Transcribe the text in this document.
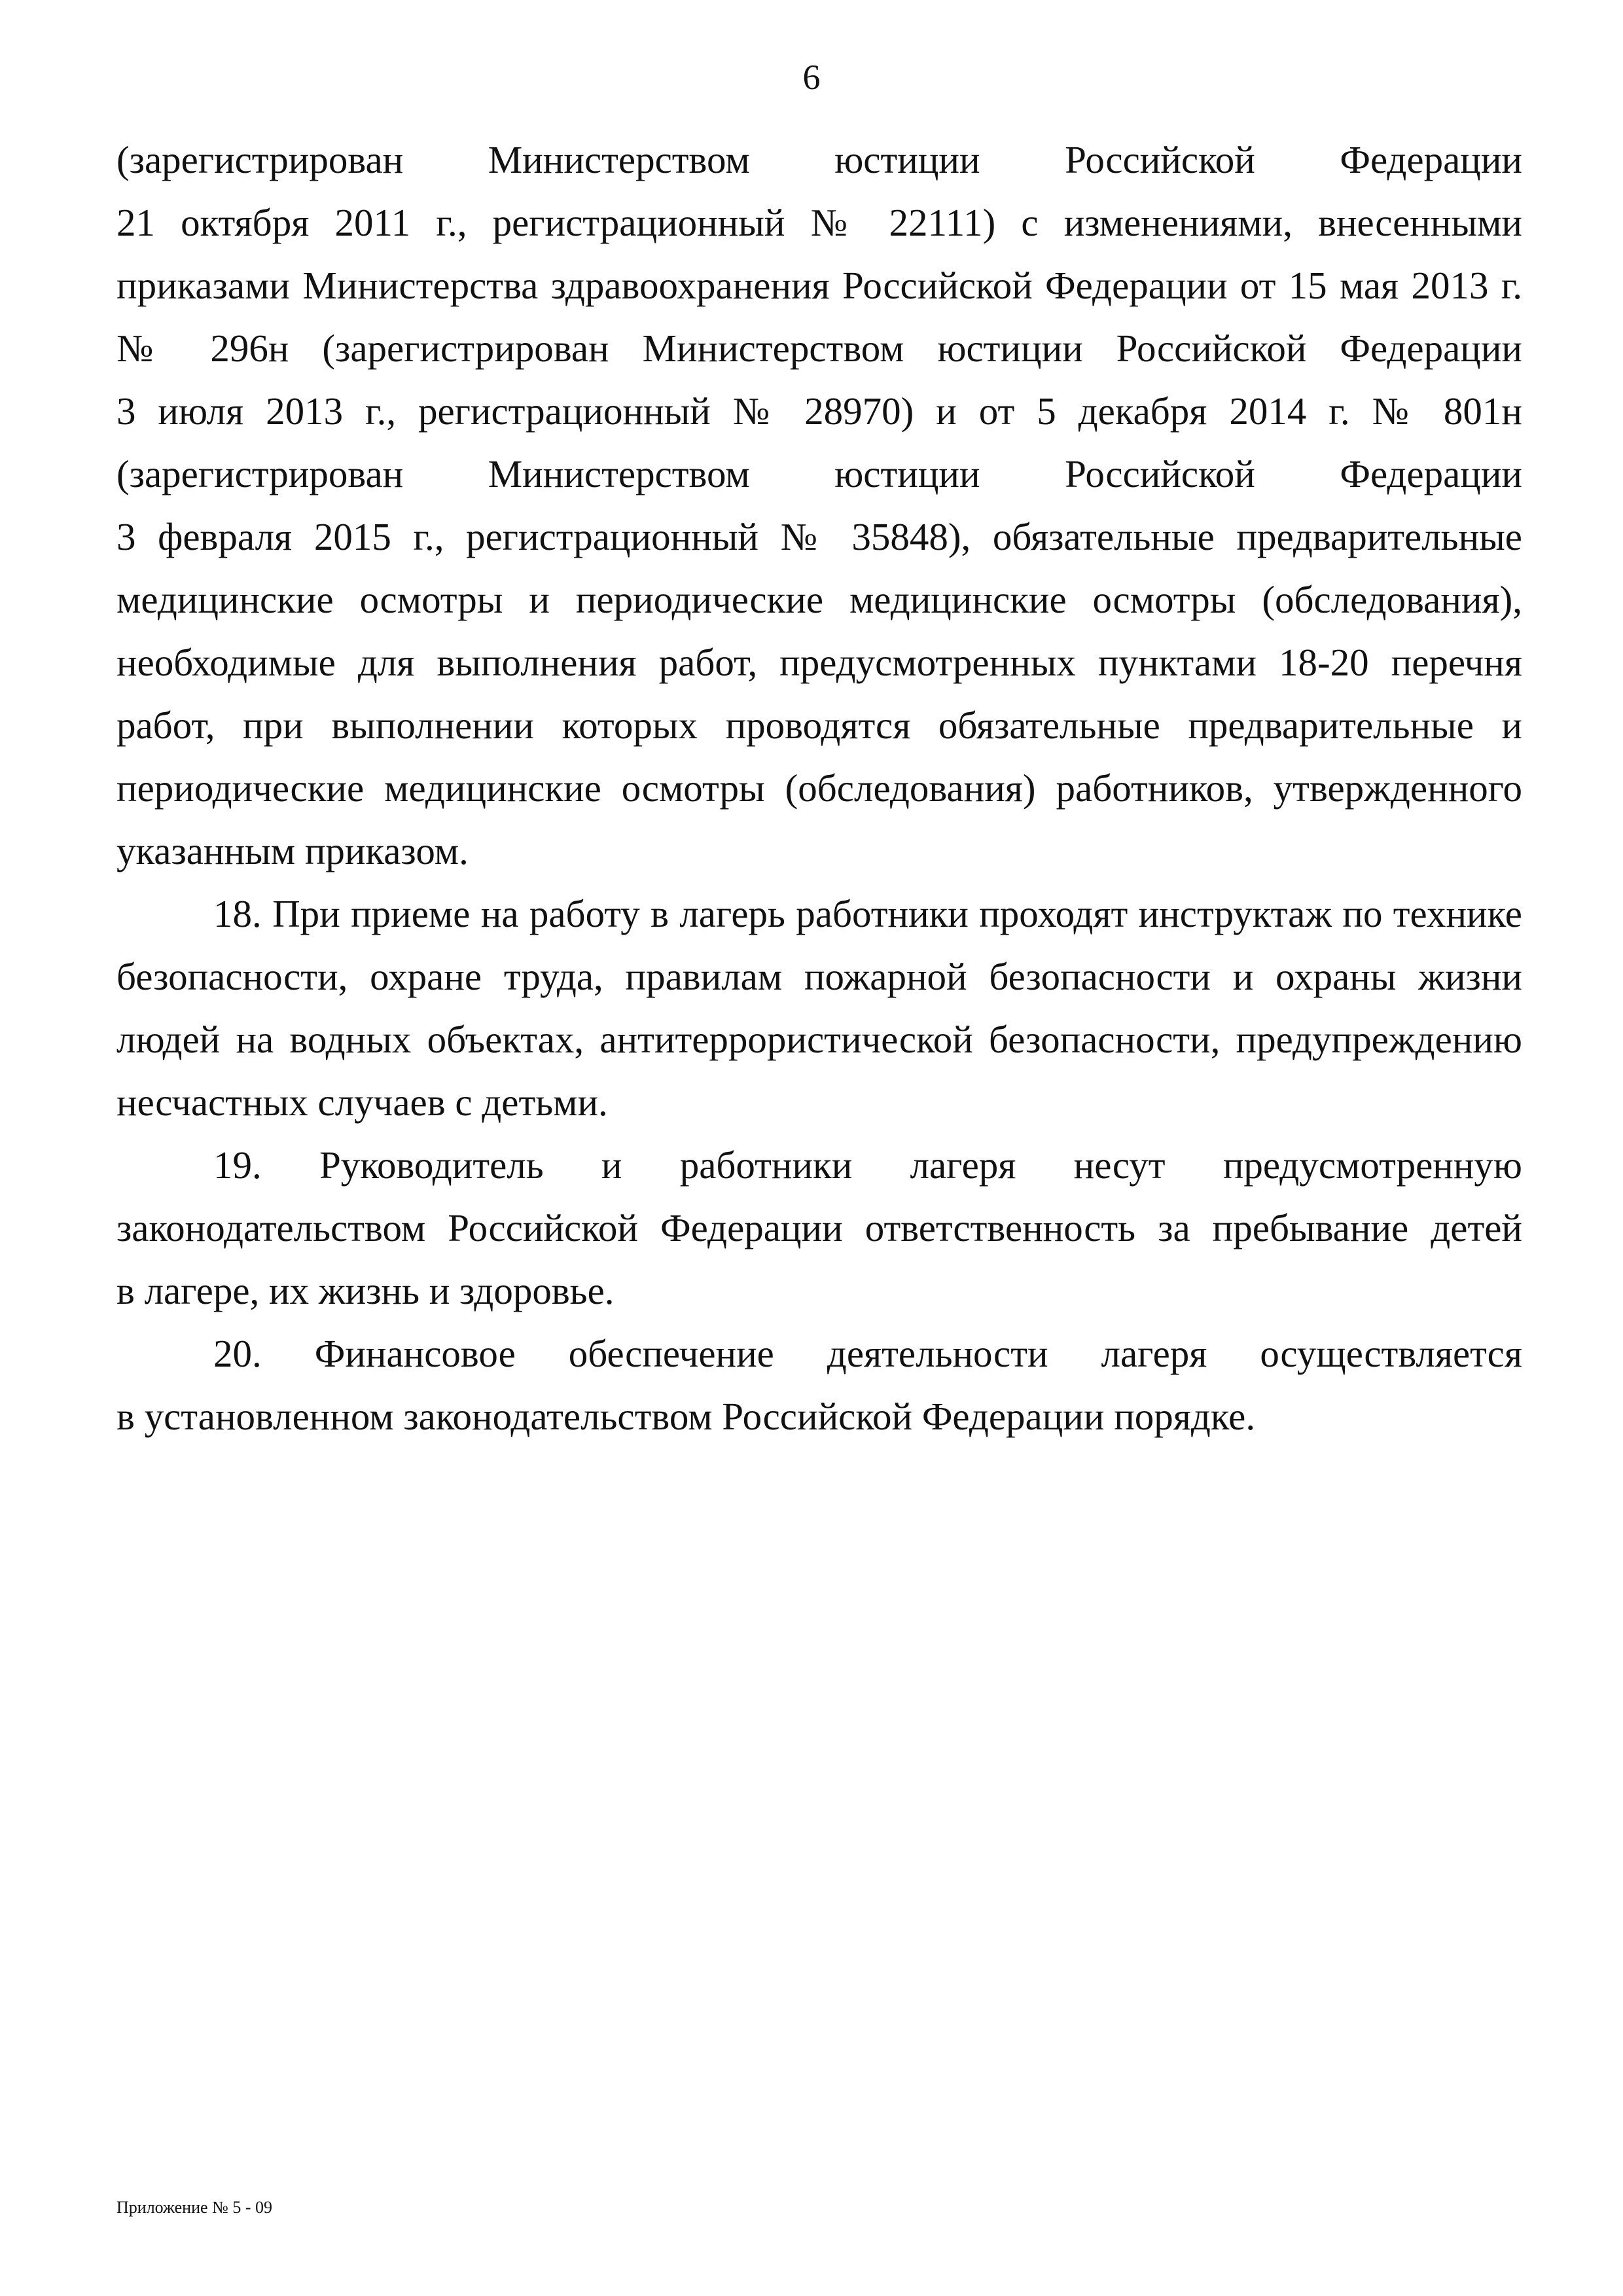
6
(зарегистрирован Министерством юстиции Российской Федерации
21 октября 2011 г., регистрационный № 22111) с изменениями, внесенными
приказами Министерства здравоохранения Российской Федерации от 15 мая 2013 г.
№ 296н (зарегистрирован Министерством юстиции Российской Федерации
3 июля 2013 г., регистрационный № 28970) и от 5 декабря 2014 г. № 801н
(зарегистрирован Министерством юстиции Российской Федерации
3 февраля 2015 г., регистрационный № 35848), обязательные предварительные
медицинские осмотры и периодические медицинские осмотры (обследования),
необходимые для выполнения работ, предусмотренных пунктами 18-20 перечня
работ, при выполнении которых проводятся обязательные предварительные и
периодические медицинские осмотры (обследования) работников, утвержденного
указанным приказом.
18. При приеме на работу в лагерь работники проходят инструктаж по технике
безопасности, охране труда, правилам пожарной безопасности и охраны жизни
людей на водных объектах, антитеррористической безопасности, предупреждению
несчастных случаев с детьми.
19. Руководитель и работники лагеря несут предусмотренную
законодательством Российской Федерации ответственность за пребывание детей
в лагере, их жизнь и здоровье.
20. Финансовое обеспечение деятельности лагеря осуществляется
в установленном законодательством Российской Федерации порядке.
Приложение № 5 - 09
